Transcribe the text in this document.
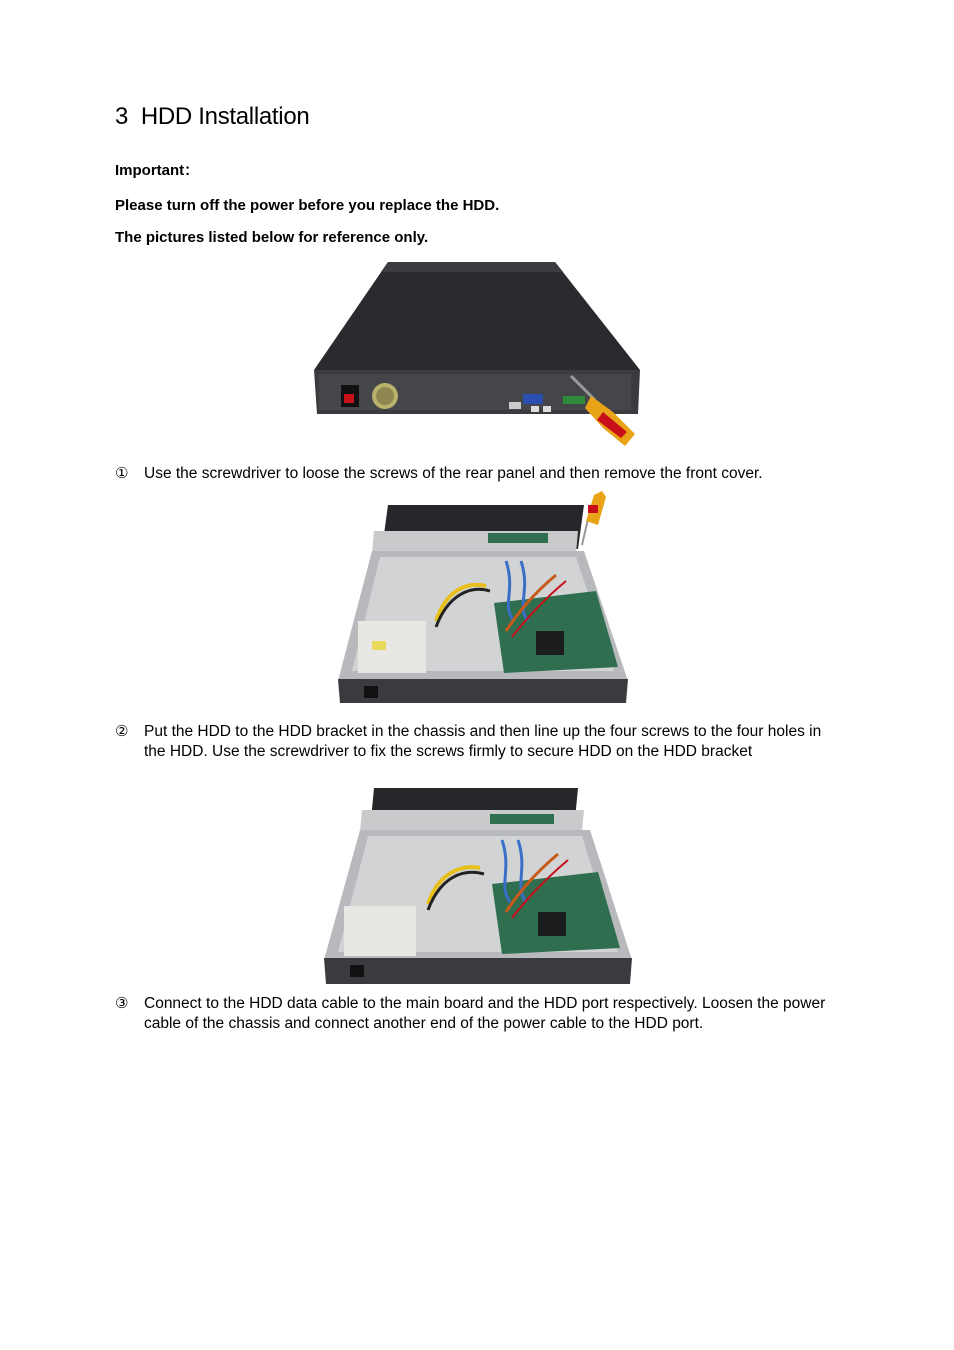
3 HDD Installation
Important：
Please turn off the power before you replace the HDD.
The pictures listed below for reference only.
①	Use the screwdriver to loose the screws of the rear panel and then remove the front cover.
②	Put the HDD to the HDD bracket in the chassis and then line up the four screws to the four holes in the HDD. Use the screwdriver to fix the screws firmly to secure HDD on the HDD bracket
③	Connect to the HDD data cable to the main board and the HDD port respectively. Loosen the power cable of the chassis and connect another end of the power cable to the HDD port.
